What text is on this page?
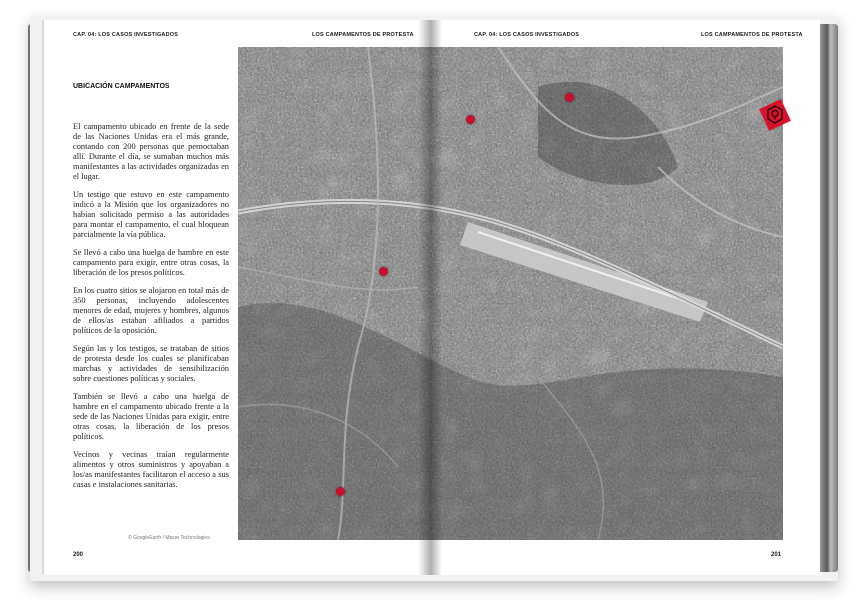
CAP. 04: LOS CASOS INVESTIGADOS	LOS CAMPAMENTOS DE PROTESTA	CAP. 04: LOS CASOS INVESTIGADOS	LOS CAMPAMENTOS DE PROTESTA
UBICACIÓN CAMPAMENTOS

El campamento ubicado en frente de la sede de las Naciones Unidas era el más grande, contando con 200 personas que pernoctaban allí. Durante el día, se sumaban muchos más manifestantes a las actividades organizadas en el lugar.

Un testigo que estuvo en este campamento indicó a la Misión que los organizadores no habían solicitado permiso a las autoridades para montar el campamento, el cual bloquean parcialmente la vía pública.

Se llevó a cabo una huelga de hambre en este campamento para exigir, entre otras cosas, la liberación de los presos políticos.

En los cuatro sitios se alojaron en total más de 350 personas, incluyendo adolescentes menores de edad, mujeres y hombres, algunos de ellos/as estaban afiliados a partidos políticos de la oposición.

Según las y los testigos, se trataban de sitios de protesta desde los cuales se planificaban marchas y actividades de sensibilización sobre cuestiones políticas y sociales.

También se llevó a cabo una huelga de hambre en el campamento ubicado frente a la sede de las Naciones Unidas para exigir, entre otras cosas, la liberación de los presos políticos.

Vecinos y vecinas traían regularmente alimentos y otros suministros y apoyaban a los/as manifestantes facilitaron el acceso a sus casas e instalaciones sanitarias.

© GoogleEarth / Maxar Technologies
200	201
